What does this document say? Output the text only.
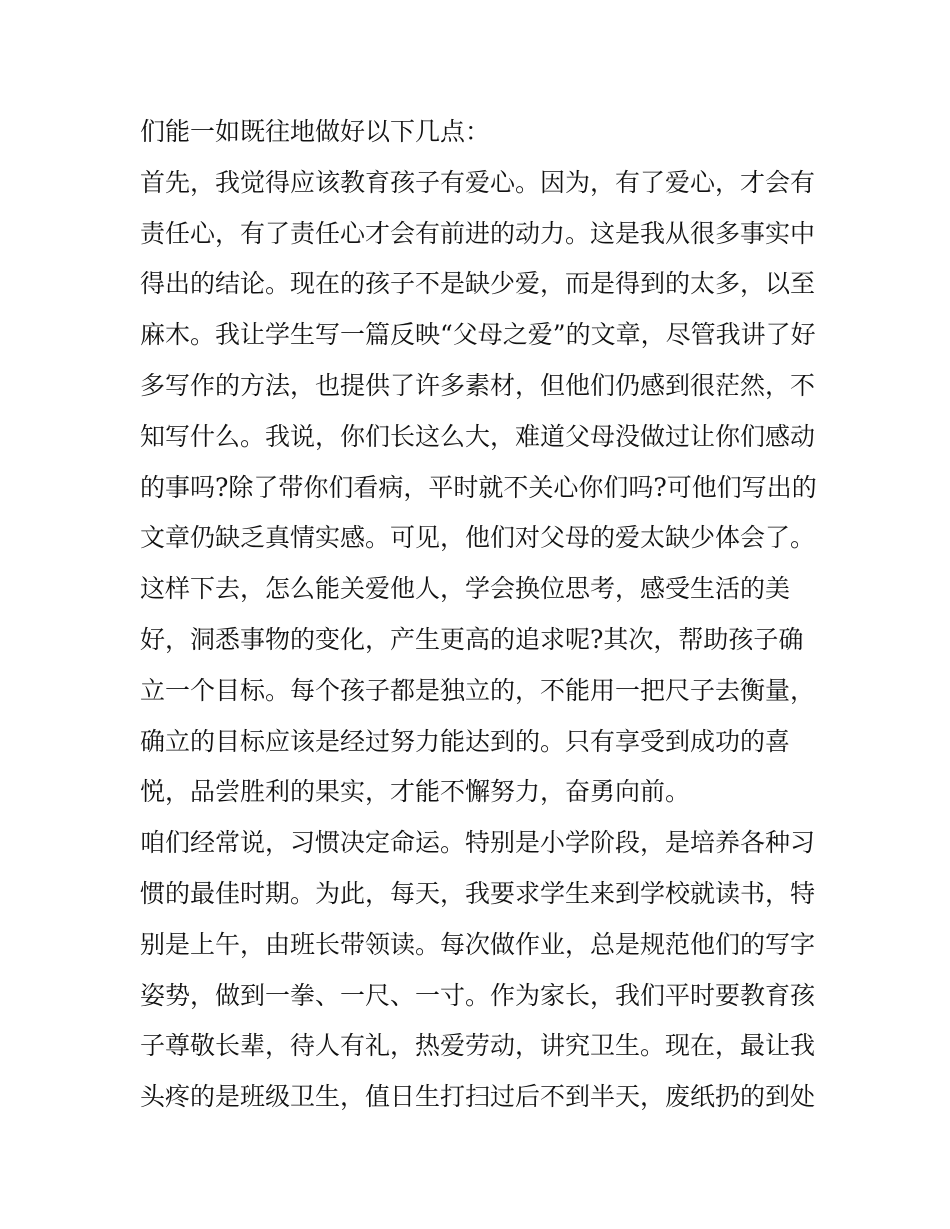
们能一如既往地做好以下几点：
首先，我觉得应该教育孩子有爱心。因为，有了爱心，才会有
责任心，有了责任心才会有前进的动力。这是我从很多事实中
得出的结论。现在的孩子不是缺少爱，而是得到的太多，以至
麻木。我让学生写一篇反映“父母之爱”的文章，尽管我讲了好
多写作的方法，也提供了许多素材，但他们仍感到很茫然，不
知写什么。我说，你们长这么大，难道父母没做过让你们感动
的事吗?除了带你们看病，平时就不关心你们吗?可他们写出的
文章仍缺乏真情实感。可见，他们对父母的爱太缺少体会了。
这样下去，怎么能关爱他人，学会换位思考，感受生活的美
好，洞悉事物的变化，产生更高的追求呢?其次，帮助孩子确
立一个目标。每个孩子都是独立的，不能用一把尺子去衡量，
确立的目标应该是经过努力能达到的。只有享受到成功的喜
悦，品尝胜利的果实，才能不懈努力，奋勇向前。
咱们经常说，习惯决定命运。特别是小学阶段，是培养各种习
惯的最佳时期。为此，每天，我要求学生来到学校就读书，特
别是上午，由班长带领读。每次做作业，总是规范他们的写字
姿势，做到一拳、一尺、一寸。作为家长，我们平时要教育孩
子尊敬长辈，待人有礼，热爱劳动，讲究卫生。现在，最让我
头疼的是班级卫生，值日生打扫过后不到半天，废纸扔的到处
